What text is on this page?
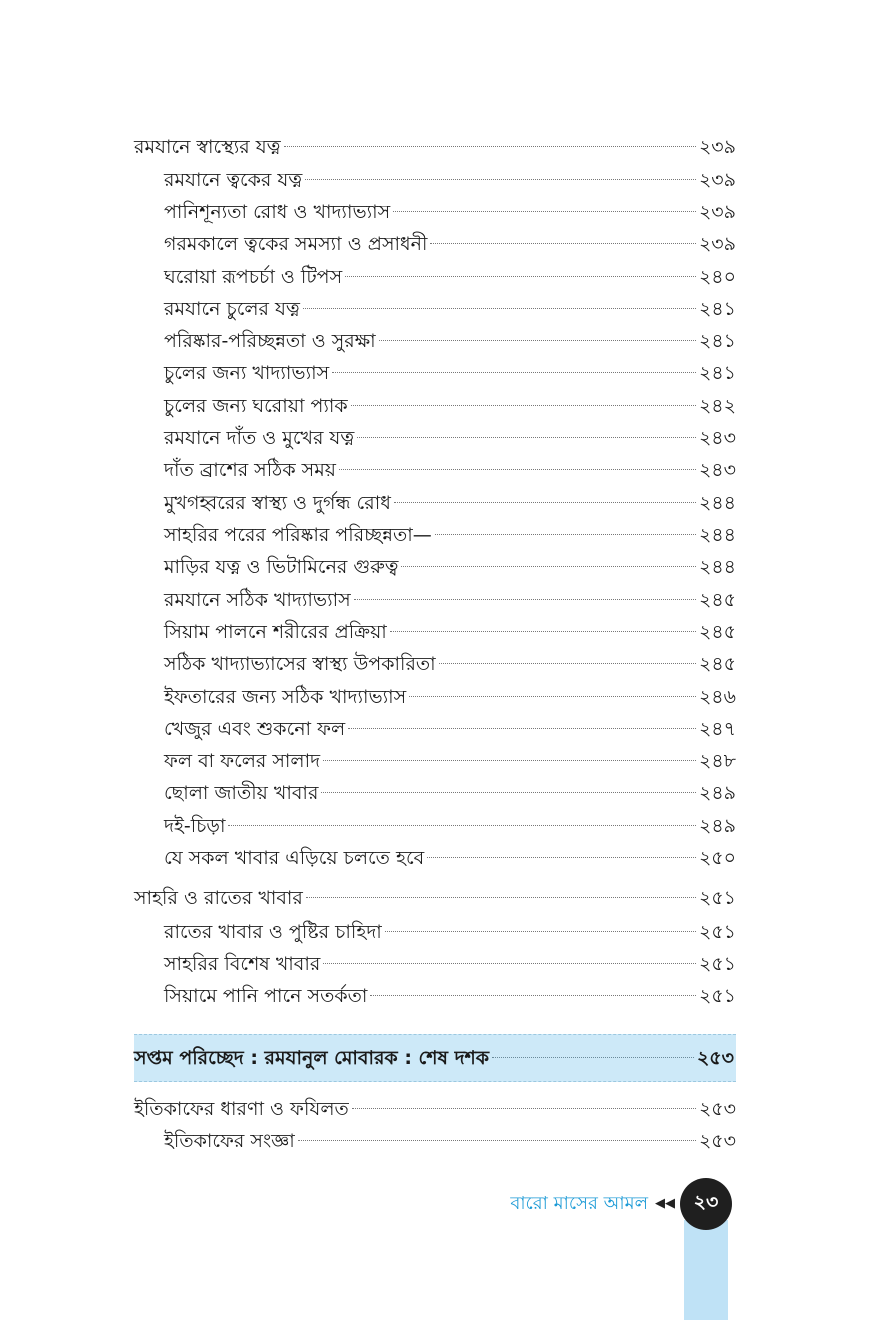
রমযানে স্বাস্থ্যের যত্ন	২৩৯
রমযানে ত্বকের যত্ন	২৩৯
পানিশূন্যতা রোধ ও খাদ্যাভ্যাস	২৩৯
গরমকালে ত্বকের সমস্যা ও প্রসাধনী	২৩৯
ঘরোয়া রূপচর্চা ও টিপস	২৪০
রমযানে চুলের যত্ন	২৪১
পরিষ্কার-পরিচ্ছন্নতা ও সুরক্ষা	২৪১
চুলের জন্য খাদ্যাভ্যাস	২৪১
চুলের জন্য ঘরোয়া প্যাক	২৪২
রমযানে দাঁত ও মুখের যত্ন	২৪৩
দাঁত ব্রাশের সঠিক সময়	২৪৩
মুখগহ্বরের স্বাস্থ্য ও দুর্গন্ধ রোধ	২৪৪
সাহরির পরের পরিষ্কার পরিচ্ছন্নতা—	২৪৪
মাড়ির যত্ন ও ভিটামিনের গুরুত্ব	২৪৪
রমযানে সঠিক খাদ্যাভ্যাস	২৪৫
সিয়াম পালনে শরীরের প্রক্রিয়া	২৪৫
সঠিক খাদ্যাভ্যাসের স্বাস্থ্য উপকারিতা	২৪৫
ইফতারের জন্য সঠিক খাদ্যাভ্যাস	২৪৬
খেজুর এবং শুকনো ফল	২৪৭
ফল বা ফলের সালাদ	২৪৮
ছোলা জাতীয় খাবার	২৪৯
দই-চিড়া	২৪৯
যে সকল খাবার এড়িয়ে চলতে হবে	২৫০
সাহরি ও রাতের খাবার	২৫১
রাতের খাবার ও পুষ্টির চাহিদা	২৫১
সাহরির বিশেষ খাবার	২৫১
সিয়ামে পানি পানে সতর্কতা	২৫১
সপ্তম পরিচ্ছেদ : রমযানুল মোবারক : শেষ দশক	২৫৩
ইতিকাফের ধারণা ও ফযিলত	২৫৩
ইতিকাফের সংজ্ঞা	২৫৩
বারো মাসের আমল ◀◀ ২৩
